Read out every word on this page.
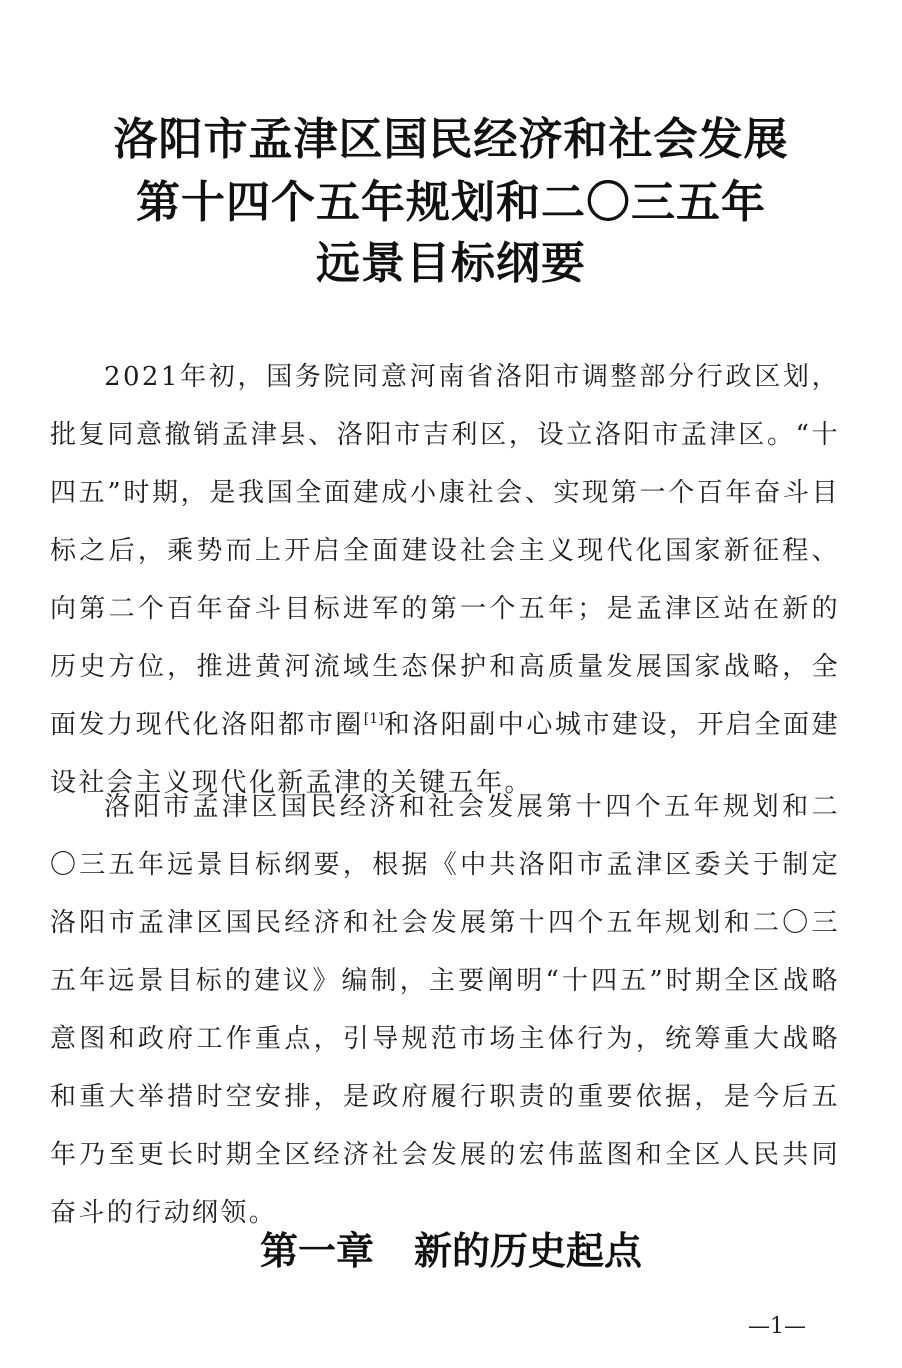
洛阳市孟津区国民经济和社会发展
第十四个五年规划和二〇三五年
远景目标纲要

2021年初，国务院同意河南省洛阳市调整部分行政区划，批复同意撤销孟津县、洛阳市吉利区，设立洛阳市孟津区。“十四五”时期，是我国全面建成小康社会、实现第一个百年奋斗目标之后，乘势而上开启全面建设社会主义现代化国家新征程、向第二个百年奋斗目标进军的第一个五年；是孟津区站在新的历史方位，推进黄河流域生态保护和高质量发展国家战略，全面发力现代化洛阳都市圈[1]和洛阳副中心城市建设，开启全面建设社会主义现代化新孟津的关键五年。

洛阳市孟津区国民经济和社会发展第十四个五年规划和二〇三五年远景目标纲要，根据《中共洛阳市孟津区委关于制定洛阳市孟津区国民经济和社会发展第十四个五年规划和二〇三五年远景目标的建议》编制，主要阐明“十四五”时期全区战略意图和政府工作重点，引导规范市场主体行为，统筹重大战略和重大举措时空安排，是政府履行职责的重要依据，是今后五年乃至更长时期全区经济社会发展的宏伟蓝图和全区人民共同奋斗的行动纲领。

第一章 新的历史起点
—1—
